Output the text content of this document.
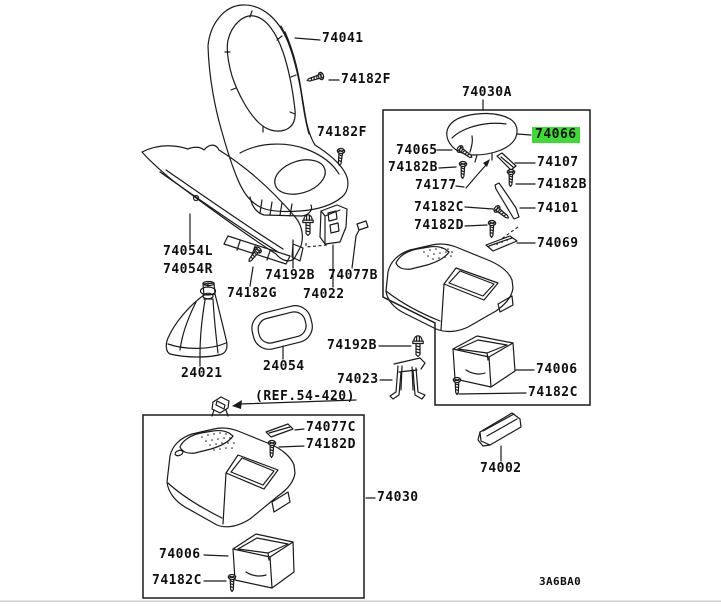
74041
74182F
74182F
74054L
74054R	74192B
74182G 74022
74077B
24021	24054
(REF.54-420)
74030A
74066
74065
74182B
74177
74107
74182B
74182C	74101
74182D
74069
74192B
74023
74006
74182C
74002
74030
74077C
74182D
74006
74182C	3A6BA0
